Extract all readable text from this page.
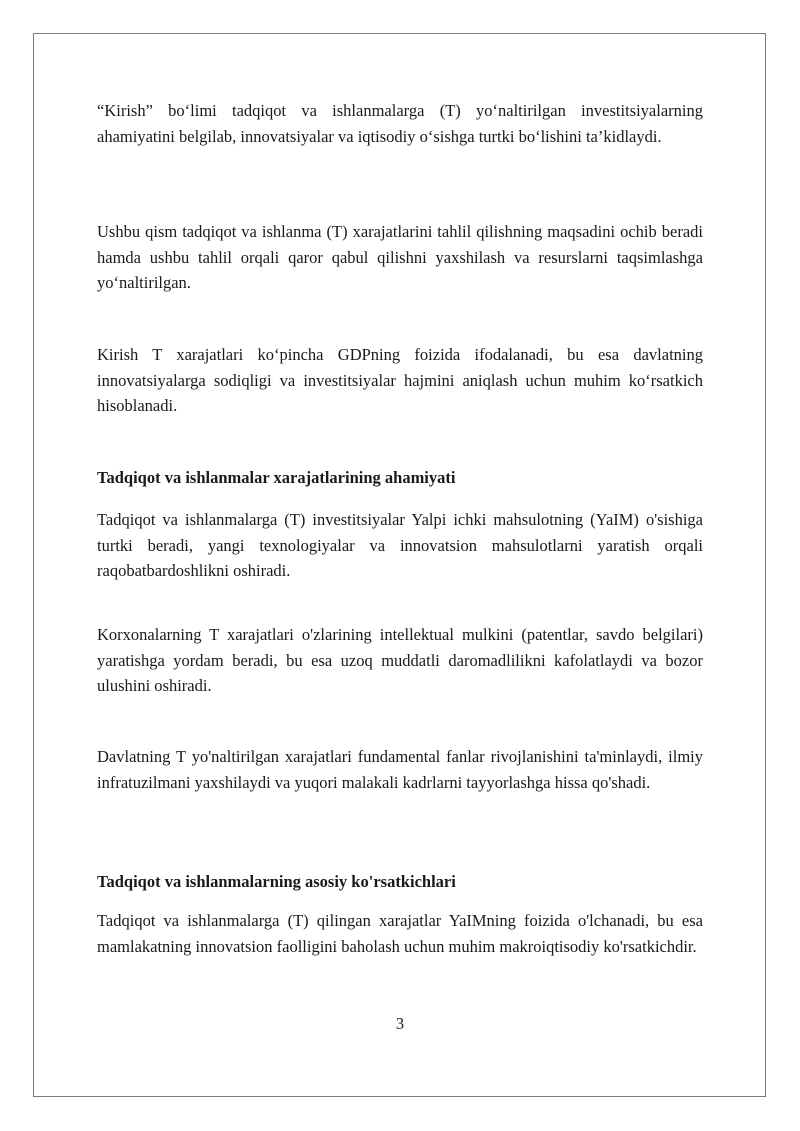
“Kirish” bo‘limi tadqiqot va ishlanmalarga (T) yo‘naltirilgan investitsiyalarning ahamiyatini belgilab, innovatsiyalar va iqtisodiy o‘sishga turtki bo‘lishini ta’kidlaydi.

Ushbu qism tadqiqot va ishlanma (T) xarajatlarini tahlil qilishning maqsadini ochib beradi hamda ushbu tahlil orqali qaror qabul qilishni yaxshilash va resurslarni taqsimlashga yo‘naltirilgan.

Kirish T xarajatlari ko‘pincha GDPning foizida ifodalanadi, bu esa davlatning innovatsiyalarga sodiqligi va investitsiyalar hajmini aniqlash uchun muhim ko‘rsatkich hisoblanadi.

Tadqiqot va ishlanmalar xarajatlarining ahamiyati

Tadqiqot va ishlanmalarga (T) investitsiyalar Yalpi ichki mahsulotning (YaIM) o'sishiga turtki beradi, yangi texnologiyalar va innovatsion mahsulotlarni yaratish orqali raqobatbardoshlikni oshiradi.

Korxonalarning T xarajatlari o'zlarining intellektual mulkini (patentlar, savdo belgilari) yaratishga yordam beradi, bu esa uzoq muddatli daromadlilikni kafolatlaydi va bozor ulushini oshiradi.

Davlatning T yo'naltirilgan xarajatlari fundamental fanlar rivojlanishini ta'minlaydi, ilmiy infratuzilmani yaxshilaydi va yuqori malakali kadrlarni tayyorlashga hissa qo'shadi.

Tadqiqot va ishlanmalarning asosiy ko'rsatkichlari

Tadqiqot va ishlanmalarga (T) qilingan xarajatlar YaIMning foizida o'lchanadi, bu esa mamlakatning innovatsion faolligini baholash uchun muhim makroiqtisodiy ko'rsatkichdir.

3
